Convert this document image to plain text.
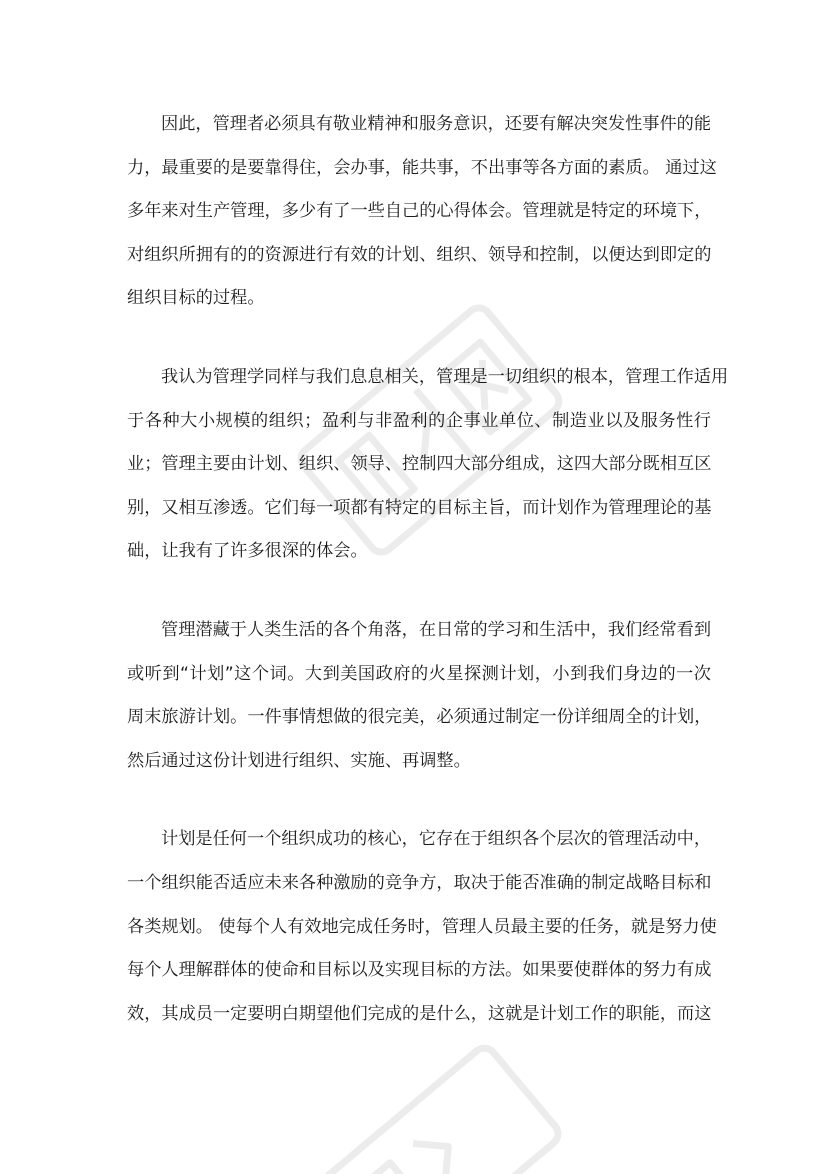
因此，管理者必须具有敬业精神和服务意识，还要有解决突发性事件的能
力，最重要的是要靠得住，会办事，能共事，不出事等各方面的素质。 通过这
多年来对生产管理，多少有了一些自己的心得体会。管理就是特定的环境下，
对组织所拥有的的资源进行有效的计划、组织、领导和控制，以便达到即定的
组织目标的过程。
我认为管理学同样与我们息息相关，管理是一切组织的根本，管理工作适用
于各种大小规模的组织；盈利与非盈利的企事业单位、制造业以及服务性行
业；管理主要由计划、组织、领导、控制四大部分组成，这四大部分既相互区
别，又相互渗透。它们每一项都有特定的目标主旨，而计划作为管理理论的基
础，让我有了许多很深的体会。
管理潜藏于人类生活的各个角落，在日常的学习和生活中，我们经常看到
或听到“计划”这个词。大到美国政府的火星探测计划，小到我们身边的一次
周末旅游计划。一件事情想做的很完美，必须通过制定一份详细周全的计划，
然后通过这份计划进行组织、实施、再调整。
计划是任何一个组织成功的核心，它存在于组织各个层次的管理活动中，
一个组织能否适应未来各种激励的竞争方，取决于能否准确的制定战略目标和
各类规划。 使每个人有效地完成任务时，管理人员最主要的任务，就是努力使
每个人理解群体的使命和目标以及实现目标的方法。如果要使群体的努力有成
效，其成员一定要明白期望他们完成的是什么，这就是计划工作的职能，而这
